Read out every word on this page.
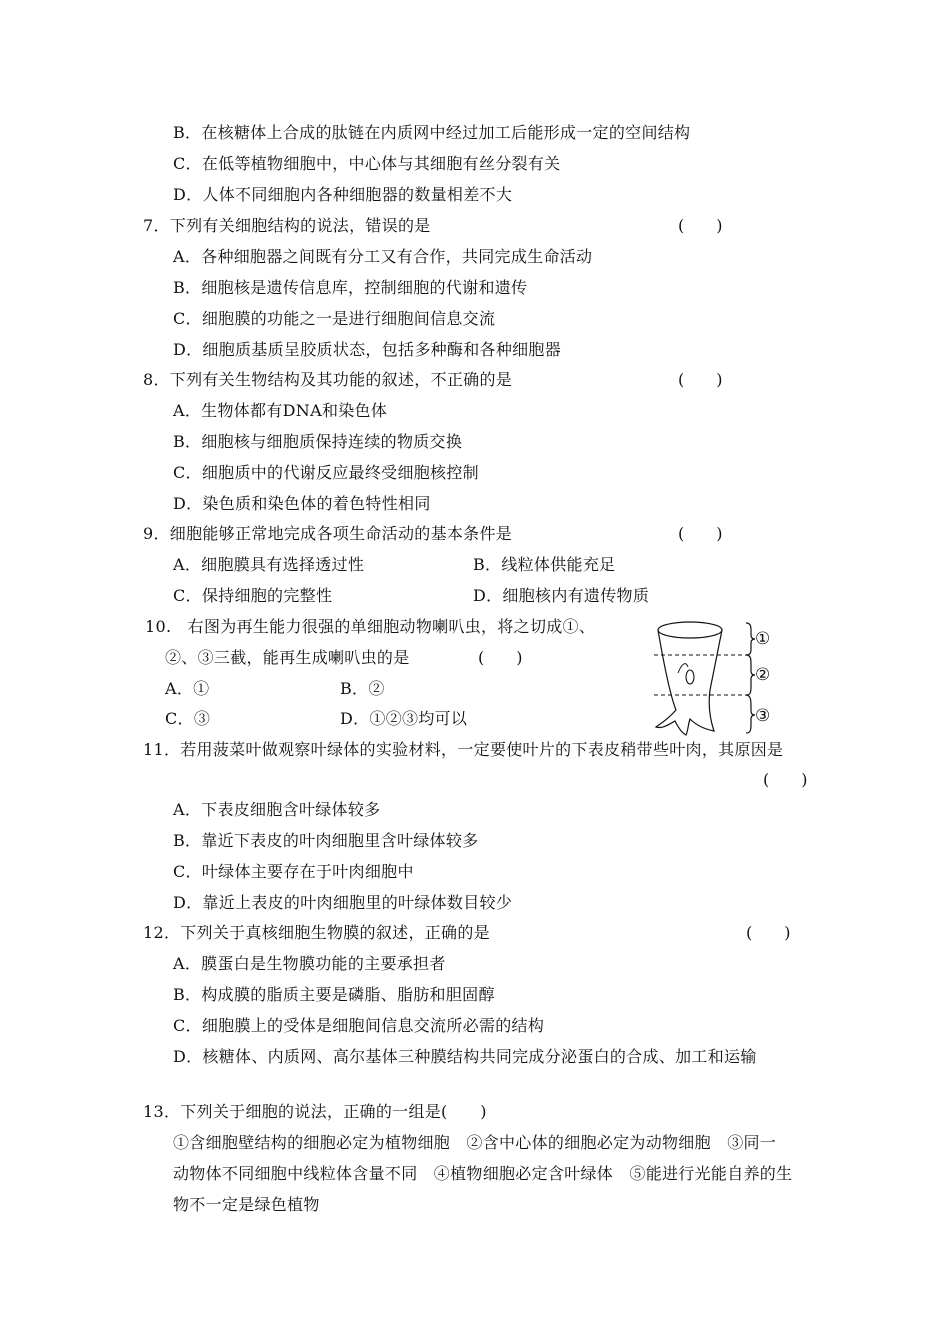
B．在核糖体上合成的肽链在内质网中经过加工后能形成一定的空间结构
C．在低等植物细胞中，中心体与其细胞有丝分裂有关
D．人体不同细胞内各种细胞器的数量相差不大
7．下列有关细胞结构的说法，错误的是	(　　)
A．各种细胞器之间既有分工又有合作，共同完成生命活动
B．细胞核是遗传信息库，控制细胞的代谢和遗传
C．细胞膜的功能之一是进行细胞间信息交流
D．细胞质基质呈胶质状态，包括多种酶和各种细胞器
8．下列有关生物结构及其功能的叙述，不正确的是	(　　)
A．生物体都有DNA和染色体
B．细胞核与细胞质保持连续的物质交换
C．细胞质中的代谢反应最终受细胞核控制
D．染色质和染色体的着色特性相同
9．细胞能够正常地完成各项生命活动的基本条件是	(　　)
A．细胞膜具有选择透过性	B．线粒体供能充足
C．保持细胞的完整性	D．细胞核内有遗传物质
10.　右图为再生能力很强的单细胞动物喇叭虫，将之切成①、
②、③三截，能再生成喇叭虫的是	(　　)
A．①	B．②
C．③	D．①②③均可以
①
②
③
11．若用菠菜叶做观察叶绿体的实验材料，一定要使叶片的下表皮稍带些叶肉，其原因是
(　　)
A．下表皮细胞含叶绿体较多
B．靠近下表皮的叶肉细胞里含叶绿体较多
C．叶绿体主要存在于叶肉细胞中
D．靠近上表皮的叶肉细胞里的叶绿体数目较少
12．下列关于真核细胞生物膜的叙述，正确的是	(　　)
A．膜蛋白是生物膜功能的主要承担者
B．构成膜的脂质主要是磷脂、脂肪和胆固醇
C．细胞膜上的受体是细胞间信息交流所必需的结构
D．核糖体、内质网、高尔基体三种膜结构共同完成分泌蛋白的合成、加工和运输
13．下列关于细胞的说法，正确的一组是(　　)
①含细胞壁结构的细胞必定为植物细胞　②含中心体的细胞必定为动物细胞　③同一
动物体不同细胞中线粒体含量不同　④植物细胞必定含叶绿体　⑤能进行光能自养的生
物不一定是绿色植物
